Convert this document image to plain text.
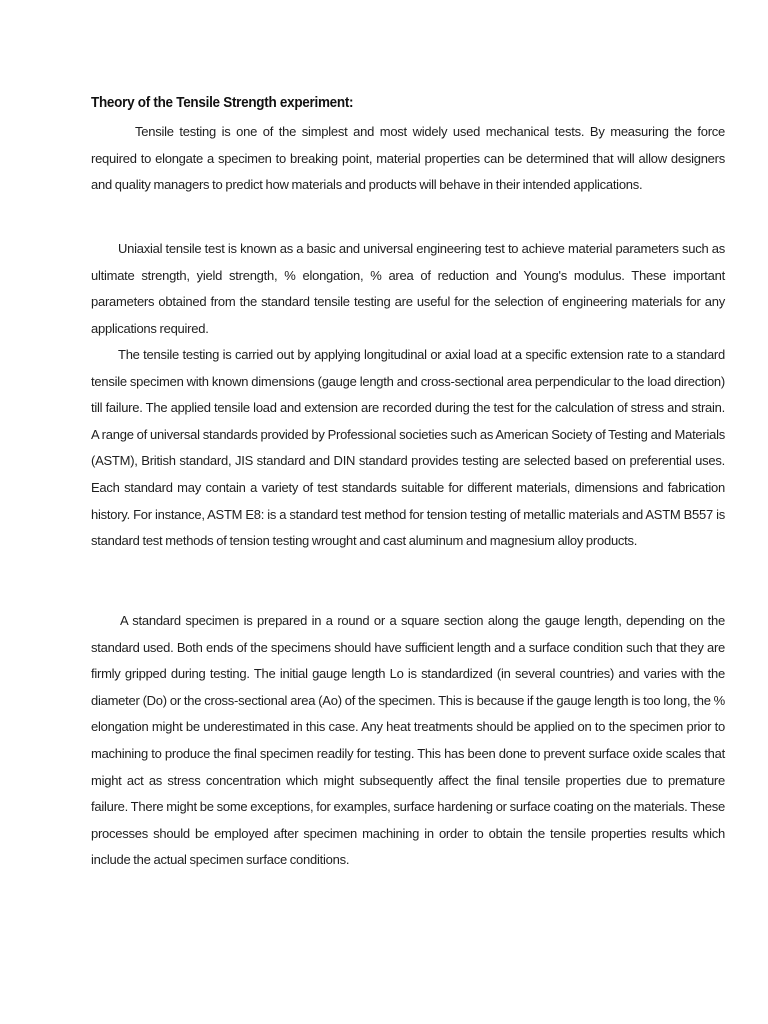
Theory of the Tensile Strength experiment:

Tensile testing is one of the simplest and most widely used mechanical tests. By measuring the force required to elongate a specimen to breaking point, material properties can be determined that will allow designers and quality managers to predict how materials and products will behave in their intended applications.

Uniaxial tensile test is known as a basic and universal engineering test to achieve material parameters such as ultimate strength, yield strength, % elongation, % area of reduction and Young's modulus. These important parameters obtained from the standard tensile testing are useful for the selection of engineering materials for any applications required.

The tensile testing is carried out by applying longitudinal or axial load at a specific extension rate to a standard tensile specimen with known dimensions (gauge length and cross-sectional area perpendicular to the load direction) till failure. The applied tensile load and extension are recorded during the test for the calculation of stress and strain. A range of universal standards provided by Professional societies such as American Society of Testing and Materials (ASTM), British standard, JIS standard and DIN standard provides testing are selected based on preferential uses. Each standard may contain a variety of test standards suitable for different materials, dimensions and fabrication history. For instance, ASTM E8: is a standard test method for tension testing of metallic materials and ASTM B557 is standard test methods of tension testing wrought and cast aluminum and magnesium alloy products.

A standard specimen is prepared in a round or a square section along the gauge length, depending on the standard used. Both ends of the specimens should have sufficient length and a surface condition such that they are firmly gripped during testing. The initial gauge length Lo is standardized (in several countries) and varies with the diameter (Do) or the cross-sectional area (Ao) of the specimen. This is because if the gauge length is too long, the % elongation might be underestimated in this case. Any heat treatments should be applied on to the specimen prior to machining to produce the final specimen readily for testing. This has been done to prevent surface oxide scales that might act as stress concentration which might subsequently affect the final tensile properties due to premature failure. There might be some exceptions, for examples, surface hardening or surface coating on the materials. These processes should be employed after specimen machining in order to obtain the tensile properties results which include the actual specimen surface conditions.
